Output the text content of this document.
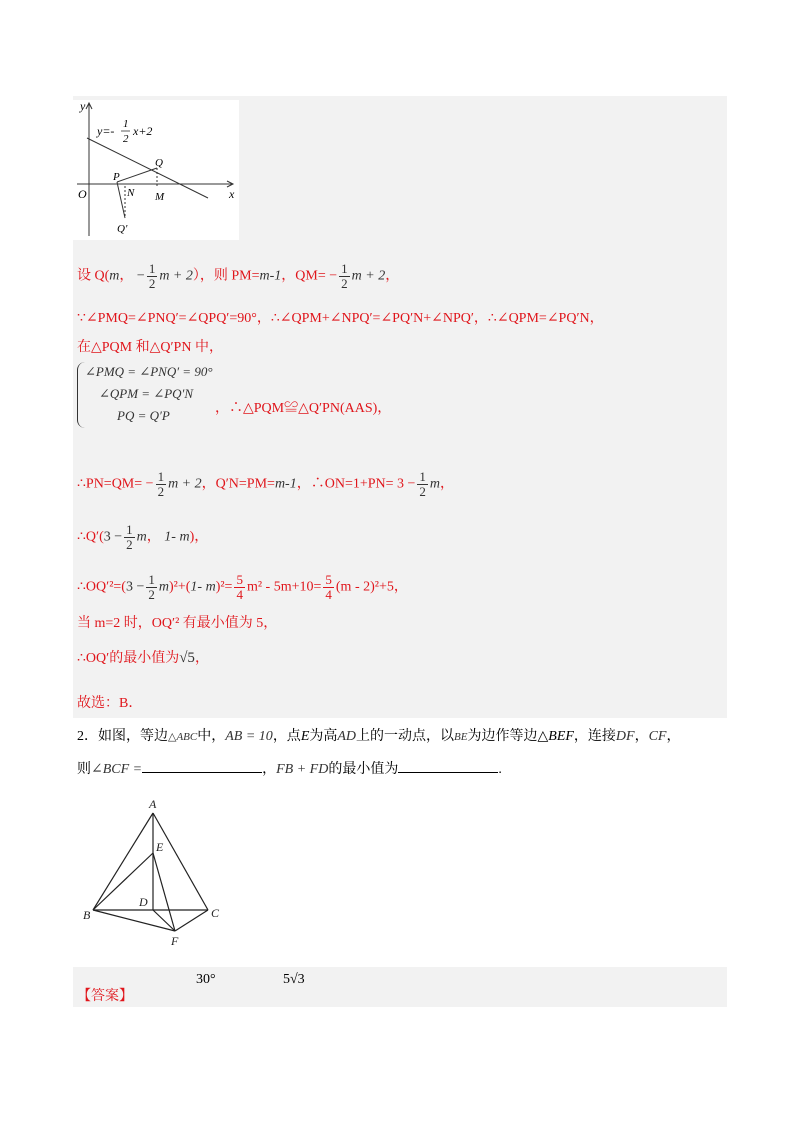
y
x
O
y=- 1
2
x+2
P
N
Q
M
Q'
设 Q(m， − $\frac{1}{2}$ m + 2），则 PM=m-1，$QM= - \frac{1}{2}$ m + 2，
∵∠PMQ=∠PNQ′=∠QPQ′=90°，∴∠QPM+∠NPQ′=∠PQ′N+∠NPQ′，∴∠QPM=∠PQ′N，
在△PQM 和△Q′PN 中，
∠PMQ = ∠PNQ′ = 90°
∠QPM = ∠PQ′N
PQ = Q′P	，∴△PQM≌△Q′PN(AAS)，
∴PN=QM= − $\frac{1}{2}$ m + 2，Q′N=PM=m-1，∴ON=1+PN= $3 - \frac{1}{2}$ m，
∴Q′(3 − $\frac{1}{2}$ m， 1- m)，
∴OQ′²=(3 − $\frac{1}{2} m)^2+(1-$ $m)^2= \frac{5}{4} m^2 - 5m+10= \frac{5}{4} (m - 2)^2+5$，
当 m=2 时，OQ′² 有最小值为 5，
∴OQ′的最小值为√5，
故选：B．
2．如图，等边△ABC中，AB = 10，点E为高AD上的一动点，以BE为边作等边△BEF，连接DF，CF，
则∠BCF =	，FB + FD的最小值为	.
A
E
D
B	C
F
【答案】
30°	5√3
